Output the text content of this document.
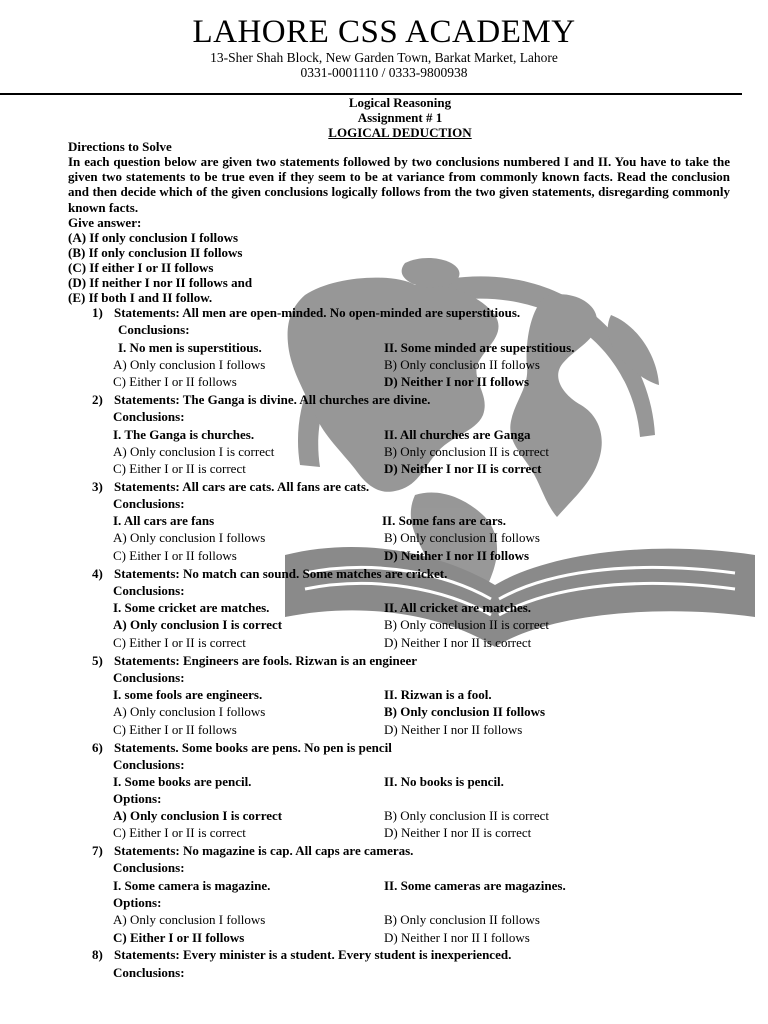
LAHORE CSS ACADEMY
13-Sher Shah Block, New Garden Town, Barkat Market, Lahore
0331-0001110 / 0333-9800938
Logical Reasoning
Assignment # 1
LOGICAL DEDUCTION
Directions to Solve
In each question below are given two statements followed by two conclusions numbered I and II. You have to take the given two statements to be true even if they seem to be at variance from commonly known facts. Read the conclusion and then decide which of the given conclusions logically follows from the two given statements, disregarding commonly known facts.
Give answer:
(A) If only conclusion I follows
(B) If only conclusion II follows
(C) If either I or II follows
(D) If neither I nor II follows and
(E) If both I and II follow.
1) Statements: All men are open-minded. No open-minded are superstitious.
Conclusions:
I. No men is superstitious.	II. Some minded are superstitious.
A) Only conclusion I follows	B) Only conclusion II follows
C) Either I or II follows	D) Neither I nor II follows
2) Statements: The Ganga is divine. All churches are divine.
Conclusions:
I. The Ganga is churches.	II. All churches are Ganga
A) Only conclusion I is correct	B) Only conclusion II is correct
C) Either I or II is correct	D) Neither I nor II is correct
3) Statements: All cars are cats. All fans are cats.
Conclusions:
I. All cars are fans	II. Some fans are cars.
A) Only conclusion I follows	B) Only conclusion II follows
C) Either I or II follows	D) Neither I nor II follows
4) Statements: No match can sound. Some matches are cricket.
Conclusions:
I. Some cricket are matches.	II. All cricket are matches.
A) Only conclusion I is correct	B) Only conclusion II is correct
C) Either I or II is correct	D) Neither I nor II is correct
5) Statements: Engineers are fools. Rizwan is an engineer
Conclusions:
I. some fools are engineers.	II. Rizwan is a fool.
A) Only conclusion I follows	B) Only conclusion II follows
C) Either I or II follows	D) Neither I nor II follows
6) Statements. Some books are pens. No pen is pencil
Conclusions:
I. Some books are pencil.	II. No books is pencil.
Options:
A) Only conclusion I is correct	B) Only conclusion II is correct
C) Either I or II is correct	D) Neither I nor II is correct
7) Statements: No magazine is cap. All caps are cameras.
Conclusions:
I. Some camera is magazine.	II. Some cameras are magazines.
Options:
A) Only conclusion I follows	B) Only conclusion II follows
C) Either I or II follows	D) Neither I nor II I follows
8) Statements: Every minister is a student. Every student is inexperienced.
Conclusions:
